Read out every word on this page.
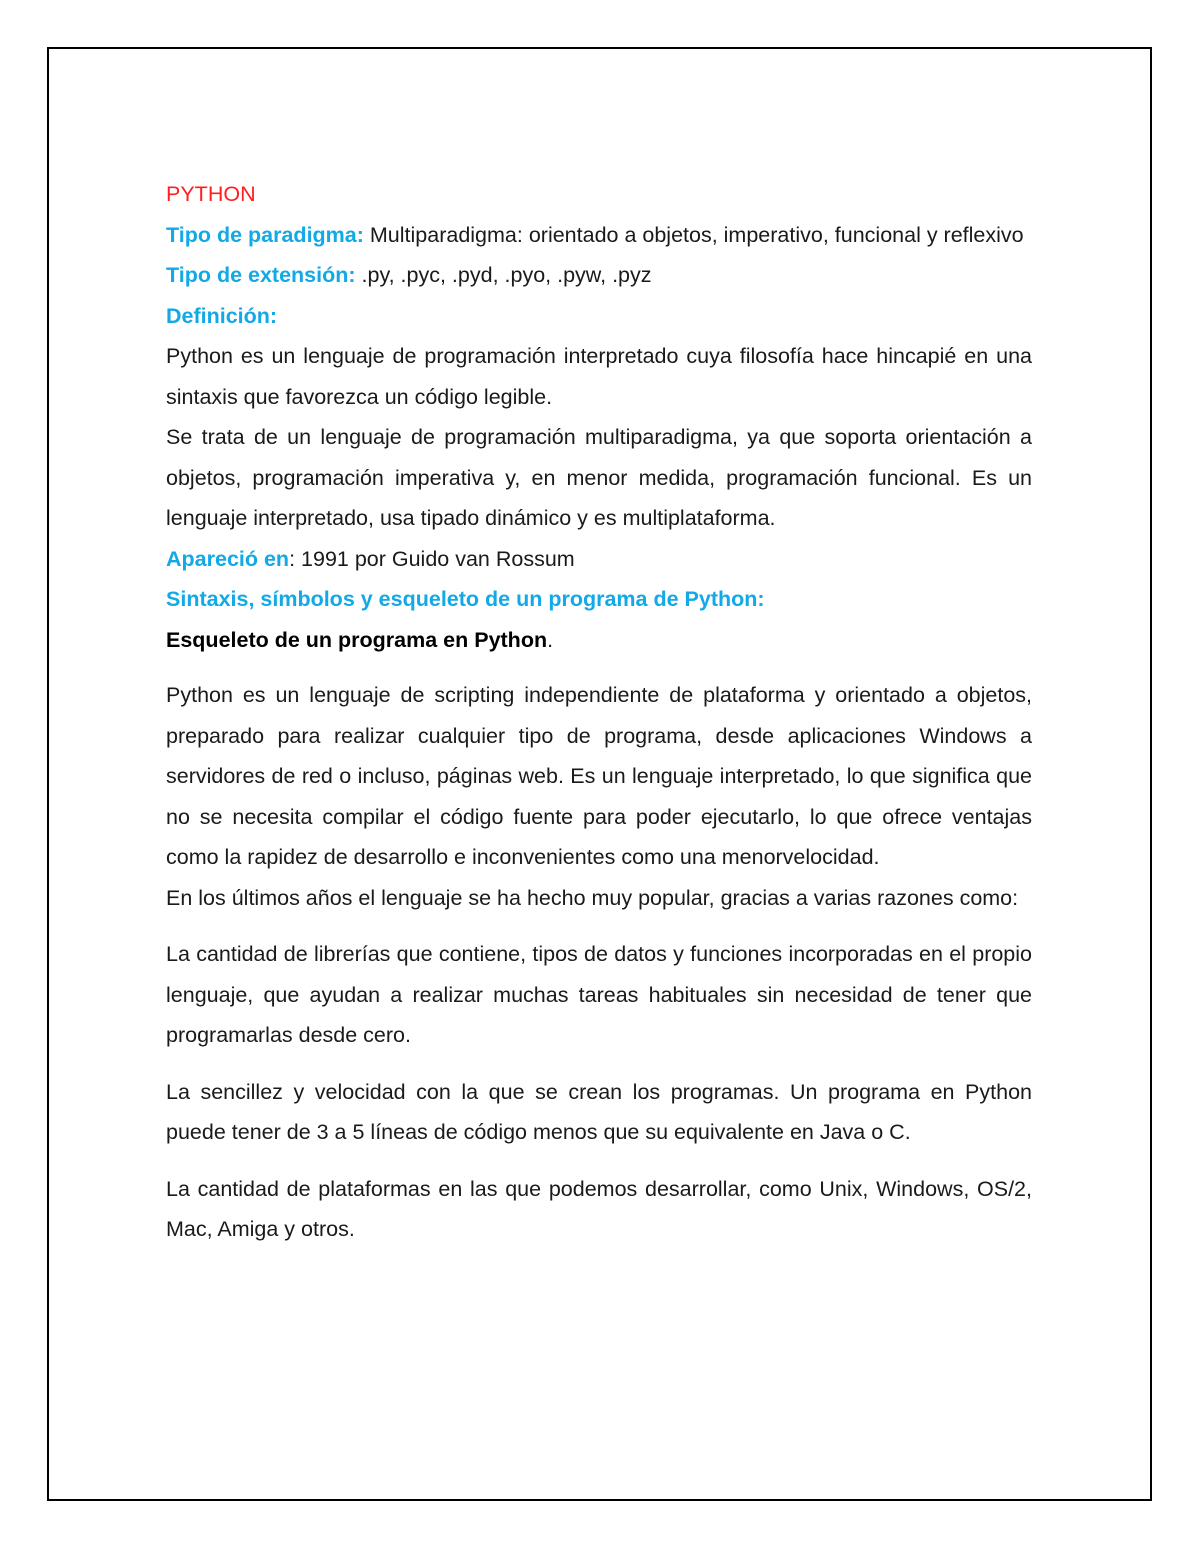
PYTHON

Tipo de paradigma: Multiparadigma: orientado a objetos, imperativo, funcional y reflexivo

Tipo de extensión: .py, .pyc, .pyd, .pyo, .pyw, .pyz

Definición:

Python es un lenguaje de programación interpretado cuya filosofía hace hincapié en una sintaxis que favorezca un código legible.

Se trata de un lenguaje de programación multiparadigma, ya que soporta orientación a objetos, programación imperativa y, en menor medida, programación funcional. Es un lenguaje interpretado, usa tipado dinámico y es multiplataforma.

Apareció en: 1991 por Guido van Rossum

Sintaxis, símbolos y esqueleto de un programa de Python:

Esqueleto de un programa en Python.

Python es un lenguaje de scripting independiente de plataforma y orientado a objetos, preparado para realizar cualquier tipo de programa, desde aplicaciones Windows a servidores de red o incluso, páginas web. Es un lenguaje interpretado, lo que significa que no se necesita compilar el código fuente para poder ejecutarlo, lo que ofrece ventajas como la rapidez de desarrollo e inconvenientes como una menorvelocidad.

En los últimos años el lenguaje se ha hecho muy popular, gracias a varias razones como:

La cantidad de librerías que contiene, tipos de datos y funciones incorporadas en el propio lenguaje, que ayudan a realizar muchas tareas habituales sin necesidad de tener que programarlas desde cero.

La sencillez y velocidad con la que se crean los programas. Un programa en Python puede tener de 3 a 5 líneas de código menos que su equivalente en Java o C.

La cantidad de plataformas en las que podemos desarrollar, como Unix, Windows, OS/2, Mac, Amiga y otros.
